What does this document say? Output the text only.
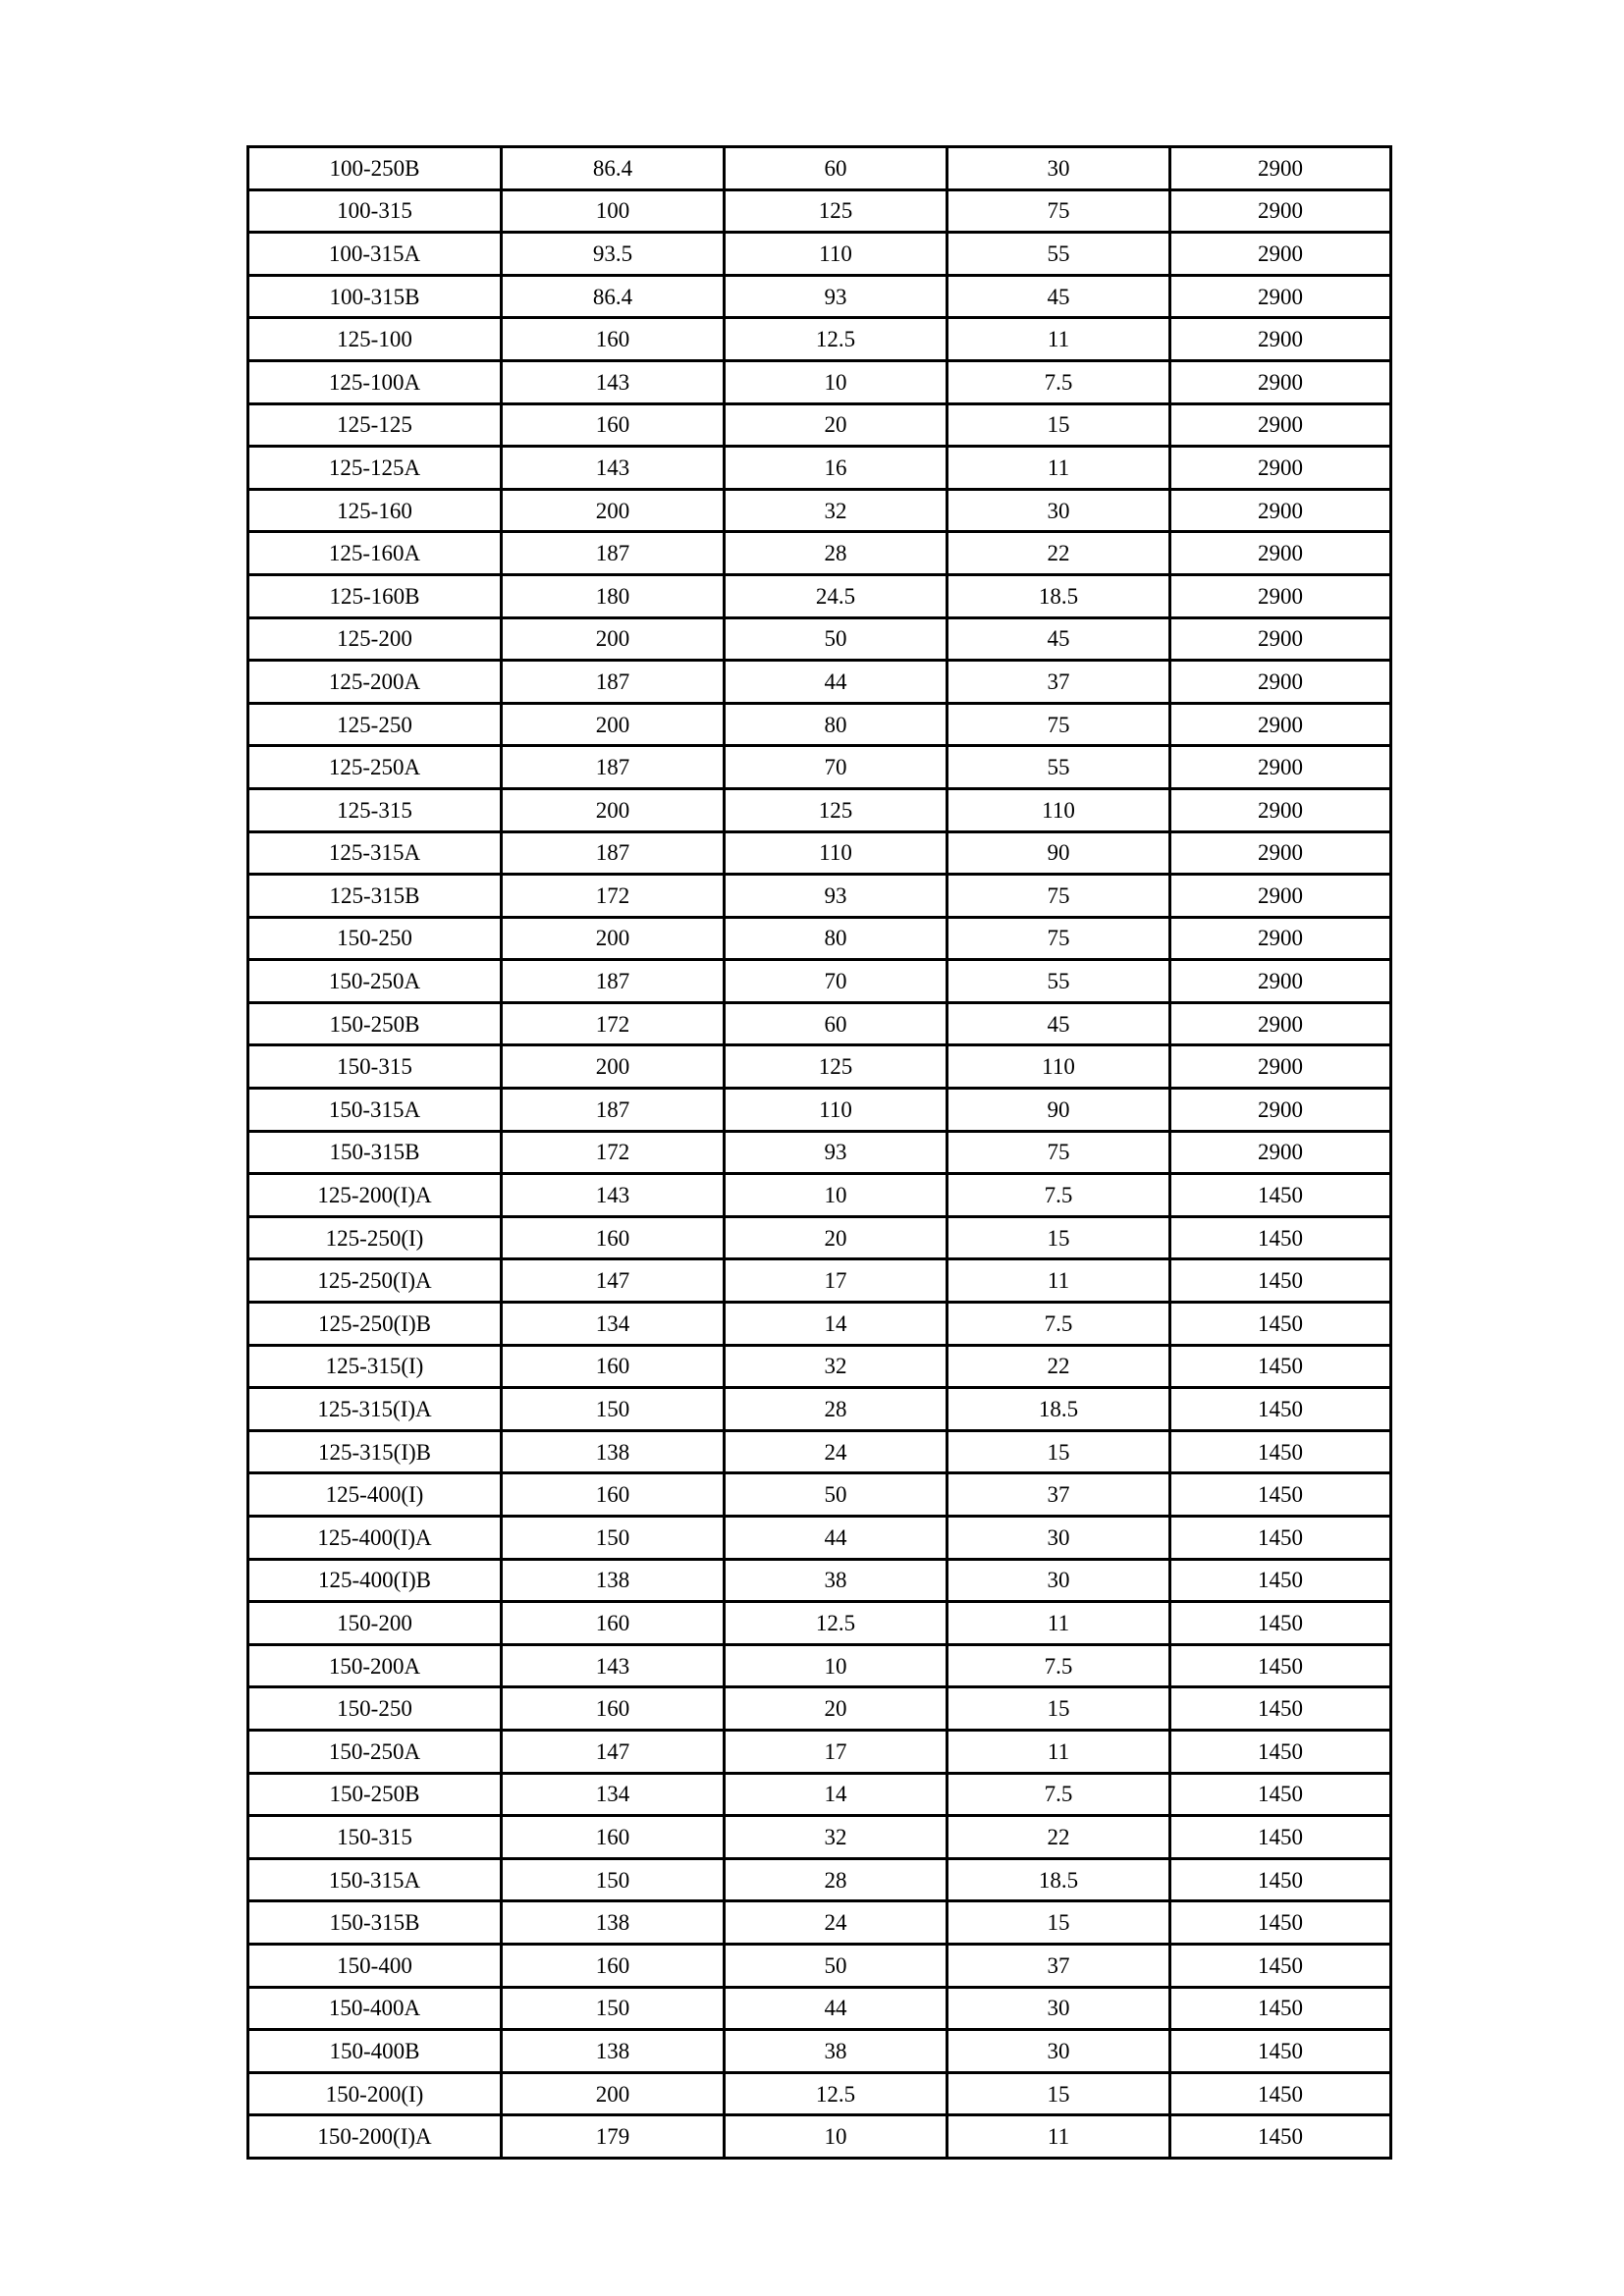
100-250B	86.4	60	30	2900
100-315	100	125	75	2900
100-315A	93.5	110	55	2900
100-315B	86.4	93	45	2900
125-100	160	12.5	11	2900
125-100A	143	10	7.5	2900
125-125	160	20	15	2900
125-125A	143	16	11	2900
125-160	200	32	30	2900
125-160A	187	28	22	2900
125-160B	180	24.5	18.5	2900
125-200	200	50	45	2900
125-200A	187	44	37	2900
125-250	200	80	75	2900
125-250A	187	70	55	2900
125-315	200	125	110	2900
125-315A	187	110	90	2900
125-315B	172	93	75	2900
150-250	200	80	75	2900
150-250A	187	70	55	2900
150-250B	172	60	45	2900
150-315	200	125	110	2900
150-315A	187	110	90	2900
150-315B	172	93	75	2900
125-200(I)A	143	10	7.5	1450
125-250(I)	160	20	15	1450
125-250(I)A	147	17	11	1450
125-250(I)B	134	14	7.5	1450
125-315(I)	160	32	22	1450
125-315(I)A	150	28	18.5	1450
125-315(I)B	138	24	15	1450
125-400(I)	160	50	37	1450
125-400(I)A	150	44	30	1450
125-400(I)B	138	38	30	1450
150-200	160	12.5	11	1450
150-200A	143	10	7.5	1450
150-250	160	20	15	1450
150-250A	147	17	11	1450
150-250B	134	14	7.5	1450
150-315	160	32	22	1450
150-315A	150	28	18.5	1450
150-315B	138	24	15	1450
150-400	160	50	37	1450
150-400A	150	44	30	1450
150-400B	138	38	30	1450
150-200(I)	200	12.5	15	1450
150-200(I)A	179	10	11	1450
